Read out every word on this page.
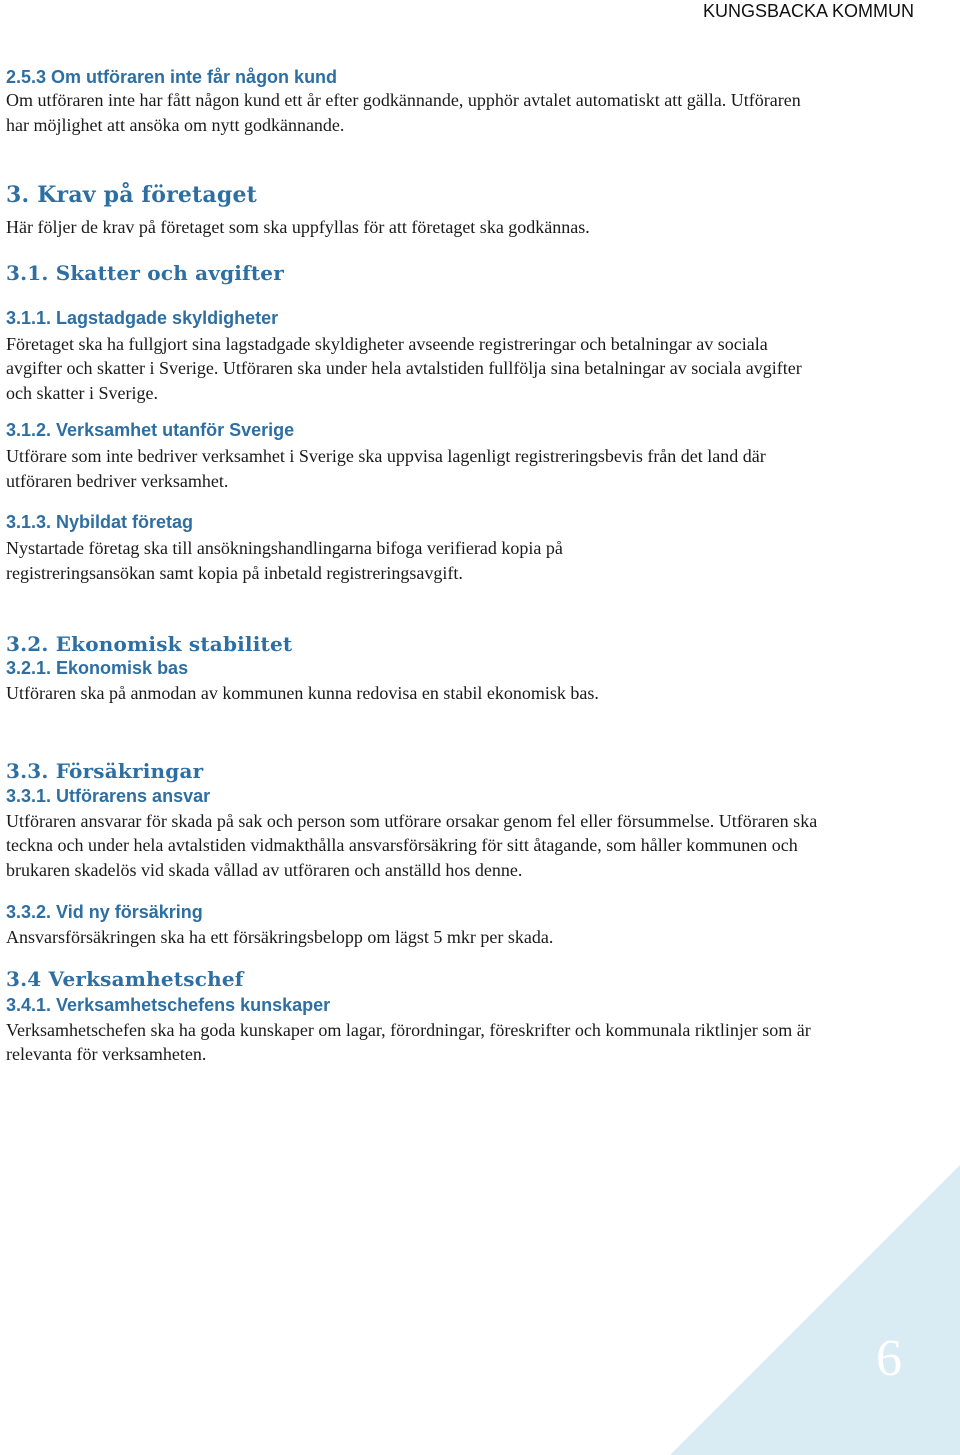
KUNGSBACKA KOMMUN
2.5.3 Om utföraren inte får någon kund

Om utföraren inte har fått någon kund ett år efter godkännande, upphör avtalet automatiskt att gälla. Utföraren har möjlighet att ansöka om nytt godkännande.

3. Krav på företaget

Här följer de krav på företaget som ska uppfyllas för att företaget ska godkännas.

3.1. Skatter och avgifter
3.1.1. Lagstadgade skyldigheter

Företaget ska ha fullgjort sina lagstadgade skyldigheter avseende registreringar och betalningar av sociala avgifter och skatter i Sverige. Utföraren ska under hela avtalstiden fullfölja sina betalningar av sociala avgifter och skatter i Sverige.

3.1.2. Verksamhet utanför Sverige

Utförare som inte bedriver verksamhet i Sverige ska uppvisa lagenligt registreringsbevis från det land där utföraren bedriver verksamhet.

3.1.3. Nybildat företag

Nystartade företag ska till ansökningshandlingarna bifoga verifierad kopia på registreringsansökan samt kopia på inbetald registreringsavgift.

3.2. Ekonomisk stabilitet
3.2.1. Ekonomisk bas

Utföraren ska på anmodan av kommunen kunna redovisa en stabil ekonomisk bas.

3.3. Försäkringar
3.3.1. Utförarens ansvar

Utföraren ansvarar för skada på sak och person som utförare orsakar genom fel eller försummelse. Utföraren ska teckna och under hela avtalstiden vidmakthålla ansvarsförsäkring för sitt åtagande, som håller kommunen och brukaren skadelös vid skada vållad av utföraren och anställd hos denne.

3.3.2. Vid ny försäkring

Ansvarsförsäkringen ska ha ett försäkringsbelopp om lägst 5 mkr per skada.

3.4 Verksamhetschef
3.4.1. Verksamhetschefens kunskaper

Verksamhetschefen ska ha goda kunskaper om lagar, förordningar, föreskrifter och kommunala riktlinjer som är relevanta för verksamheten.

6
